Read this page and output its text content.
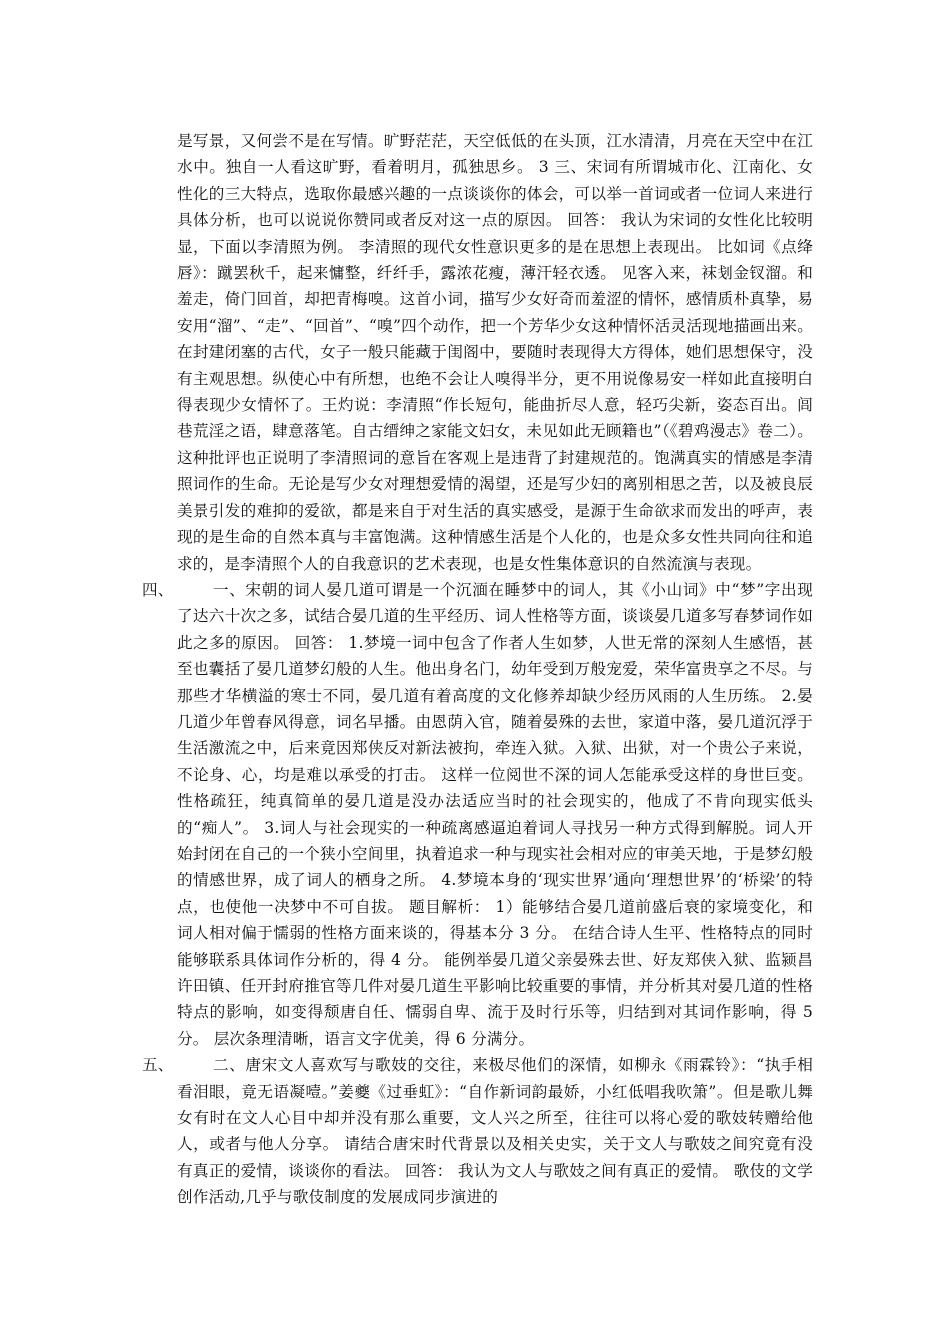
是写景，又何尝不是在写情。旷野茫茫，天空低低的在头顶，江水清清，月亮在天空中在江水中。独自一人看这旷野，看着明月，孤独思乡。 3 三、宋词有所谓城市化、江南化、女性化的三大特点，选取你最感兴趣的一点谈谈你的体会，可以举一首词或者一位词人来进行具体分析，也可以说说你赞同或者反对这一点的原因。 回答： 我认为宋词的女性化比较明显，下面以李清照为例。 李清照的现代女性意识更多的是在思想上表现出。 比如词《点绛唇》：蹴罢秋千，起来慵整，纤纤手，露浓花瘦，薄汗轻衣透。 见客入来，袜刬金钗溜。和羞走，倚门回首，却把青梅嗅。这首小词，描写少女好奇而羞涩的情怀，感情质朴真挚，易安用“溜”、“走”、“回首”、“嗅”四个动作，把一个芳华少女这种情怀活灵活现地描画出来。在封建闭塞的古代，女子一般只能藏于闺阁中，要随时表现得大方得体，她们思想保守，没有主观思想。纵使心中有所想，也绝不会让人嗅得半分，更不用说像易安一样如此直接明白得表现少女情怀了。王灼说：李清照“作长短句，能曲折尽人意，轻巧尖新，姿态百出。闾巷荒淫之语，肆意落笔。自古缙绅之家能文妇女，未见如此无顾籍也”（《碧鸡漫志》卷二）。这种批评也正说明了李清照词的意旨在客观上是违背了封建规范的。饱满真实的情感是李清照词作的生命。无论是写少女对理想爱情的渴望，还是写少妇的离别相思之苦，以及被良辰美景引发的难抑的爱欲，都是来自于对生活的真实感受，是源于生命欲求而发出的呼声，表现的是生命的自然本真与丰富饱满。这种情感生活是个人化的，也是众多女性共同向往和追求的，是李清照个人的自我意识的艺术表现，也是女性集体意识的自然流演与表现。

四、	一、宋朝的词人晏几道可谓是一个沉湎在睡梦中的词人，其《小山词》中“梦”字出现了达六十次之多，试结合晏几道的生平经历、词人性格等方面，谈谈晏几道多写春梦词作如此之多的原因。 回答： 1.梦境一词中包含了作者人生如梦，人世无常的深刻人生感悟，甚至也囊括了晏几道梦幻般的人生。他出身名门，幼年受到万般宠爱，荣华富贵享之不尽。与那些才华横溢的寒士不同，晏几道有着高度的文化修养却缺少经历风雨的人生历练。 2.晏几道少年曾春风得意，词名早播。由恩荫入官，随着晏殊的去世，家道中落，晏几道沉浮于生活激流之中，后来竟因郑侠反对新法被拘，牵连入狱。入狱、出狱，对一个贵公子来说，不论身、心，均是难以承受的打击。 这样一位阅世不深的词人怎能承受这样的身世巨变。性格疏狂，纯真简单的晏几道是没办法适应当时的社会现实的，他成了不肯向现实低头的“痴人”。 3.词人与社会现实的一种疏离感逼迫着词人寻找另一种方式得到解脱。词人开始封闭在自己的一个狭小空间里，执着追求一种与现实社会相对应的审美天地，于是梦幻般的情感世界，成了词人的栖身之所。 4.梦境本身的‘现实世界’通向‘理想世界’的‘桥梁’的特点，也使他一决梦中不可自拔。 题目解析： 1）能够结合晏几道前盛后衰的家境变化，和词人相对偏于懦弱的性格方面来谈的，得基本分 3 分。 在结合诗人生平、性格特点的同时能够联系具体词作分析的，得 4 分。 能例举晏几道父亲晏殊去世、好友郑侠入狱、监颍昌许田镇、任开封府推官等几件对晏几道生平影响比较重要的事情，并分析其对晏几道的性格特点的影响，如变得颓唐自任、懦弱自卑、流于及时行乐等，归结到对其词作影响，得 5 分。 层次条理清晰，语言文字优美，得 6 分满分。

五、	二、唐宋文人喜欢写与歌妓的交往，来极尽他们的深情，如柳永《雨霖铃》：“执手相看泪眼，竟无语凝噎。”姜夔《过垂虹》：“自作新词韵最娇，小红低唱我吹箫”。但是歌儿舞女有时在文人心目中却并没有那么重要，文人兴之所至，往往可以将心爱的歌妓转赠给他人，或者与他人分享。 请结合唐宋时代背景以及相关史实，关于文人与歌妓之间究竟有没有真正的爱情，谈谈你的看法。 回答： 我认为文人与歌妓之间有真正的爱情。 歌伎的文学创作活动,几乎与歌伎制度的发展成同步演进的
